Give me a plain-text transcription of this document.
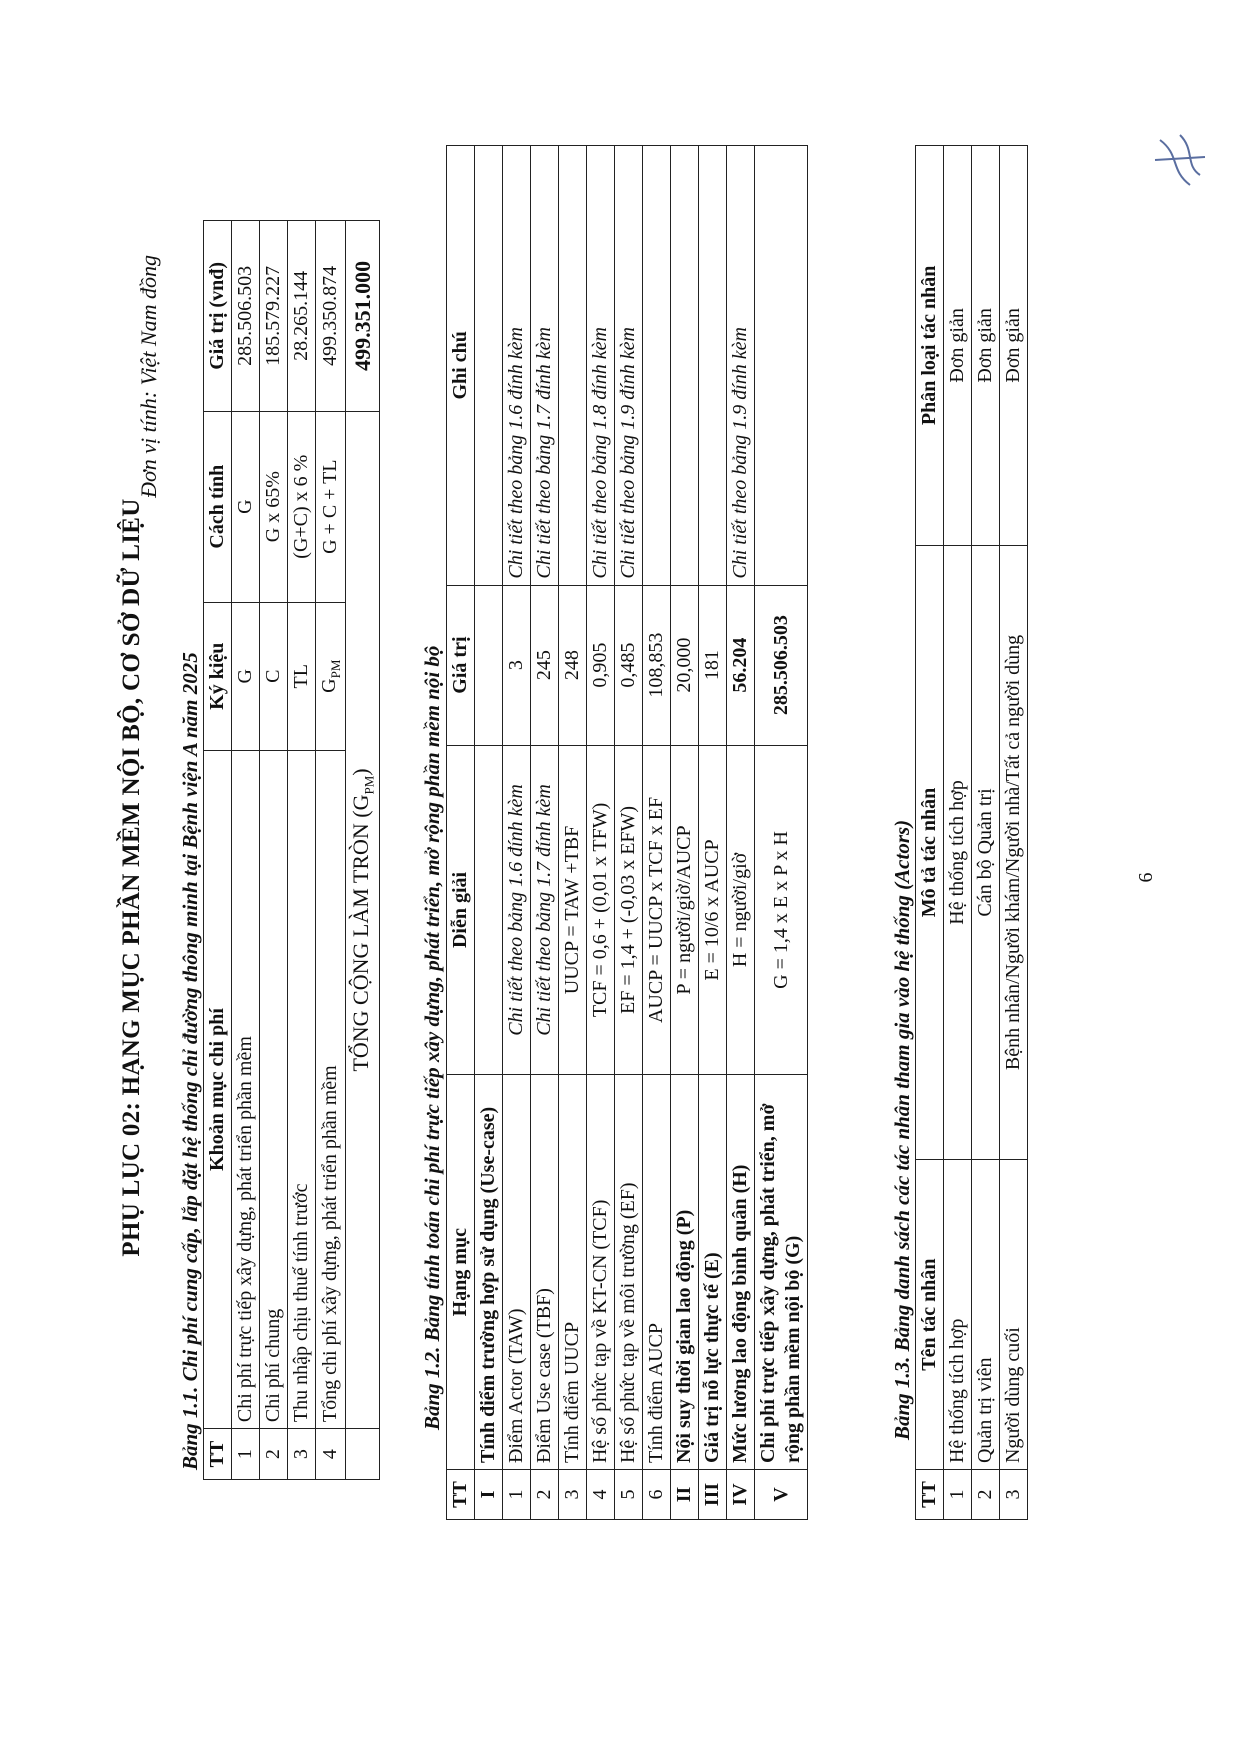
PHỤ LỤC 02: HẠNG MỤC PHẦN MỀM NỘI BỘ, CƠ SỞ DỮ LIỆU
Đơn vị tính: Việt Nam đồng
Bảng 1.1. Chi phí cung cấp, lắp đặt hệ thống chỉ đường thông minh tại Bệnh viện A năm 2025 TT	Khoản mục chi phí	Ký kiệu	Cách tính	Giá trị (vnđ)
1	Chi phí trực tiếp xây dựng, phát triển phần mềm	G	G	285.506.503
2	Chi phí chung	C	G x 65%	185.579.227
3	Thu nhập chịu thuế tính trước	TL	(G+C) x 6 %	28.265.144
4	Tổng chi phí xây dựng, phát triển phần mềm	$G_{PM}$	G + C + TL	499.350.874
	TỔNG CỘNG LÀM TRÒN $(G_{PM})$			499.351.000
Bảng 1.2. Bảng tính toán chi phí trực tiếp xây dựng, phát triển, mở rộng phần mềm nội bộ
TT	Hạng mục	Diễn giải	Giá trị	Ghi chú
I	Tính điểm trường hợp sử dụng (Use-case)			
1	Điểm Actor (TAW)	Chi tiết theo bảng 1.6 đính kèm	3	Chi tiết theo bảng 1.6 đính kèm
2	Điểm Use case (TBF)	Chi tiết theo bảng 1.7 đính kèm	245	Chi tiết theo bảng 1.7 đính kèm
3	Tính điểm UUCP	UUCP = TAW +TBF	248	
4	Hệ số phức tạp về KT-CN (TCF)	TCF = 0,6 + (0,01 x TFW)	0,905	Chi tiết theo bảng 1.8 đính kèm
5	Hệ số phức tạp về môi trường (EF)	EF = 1,4 + (-0,03 x EFW)	0,485	Chi tiết theo bảng 1.9 đính kèm
6	Tính điểm AUCP	AUCP = UUCP x TCF x EF	108,853	
II	Nội suy thời gian lao động (P)	P = người/giờ/AUCP	20,000	
III	Giá trị nỗ lực thực tế (E)	E = 10/6 x AUCP	181	
IV	Mức lương lao động bình quân (H)	H = người/giờ	56.204	Chi tiết theo bảng 1.9 đính kèm
V	Chi phí trực tiếp xây dựng, phát triển, mở rộng phần mềm nội bộ (G)	G = 1,4 x E x P x H	285.506.503	
Bảng 1.3. Bảng danh sách các tác nhân tham gia vào hệ thống (Actors)
TT	Tên tác nhân	Mô tả tác nhân	Phân loại tác nhân
1	Hệ thống tích hợp	Hệ thống tích hợp	Đơn giản
2	Quản trị viên	Cán bộ Quản trị	Đơn giản
3	Người dùng cuối	Bệnh nhân/Người khám/Người nhà/Tất cả người dùng	Đơn giản
6
